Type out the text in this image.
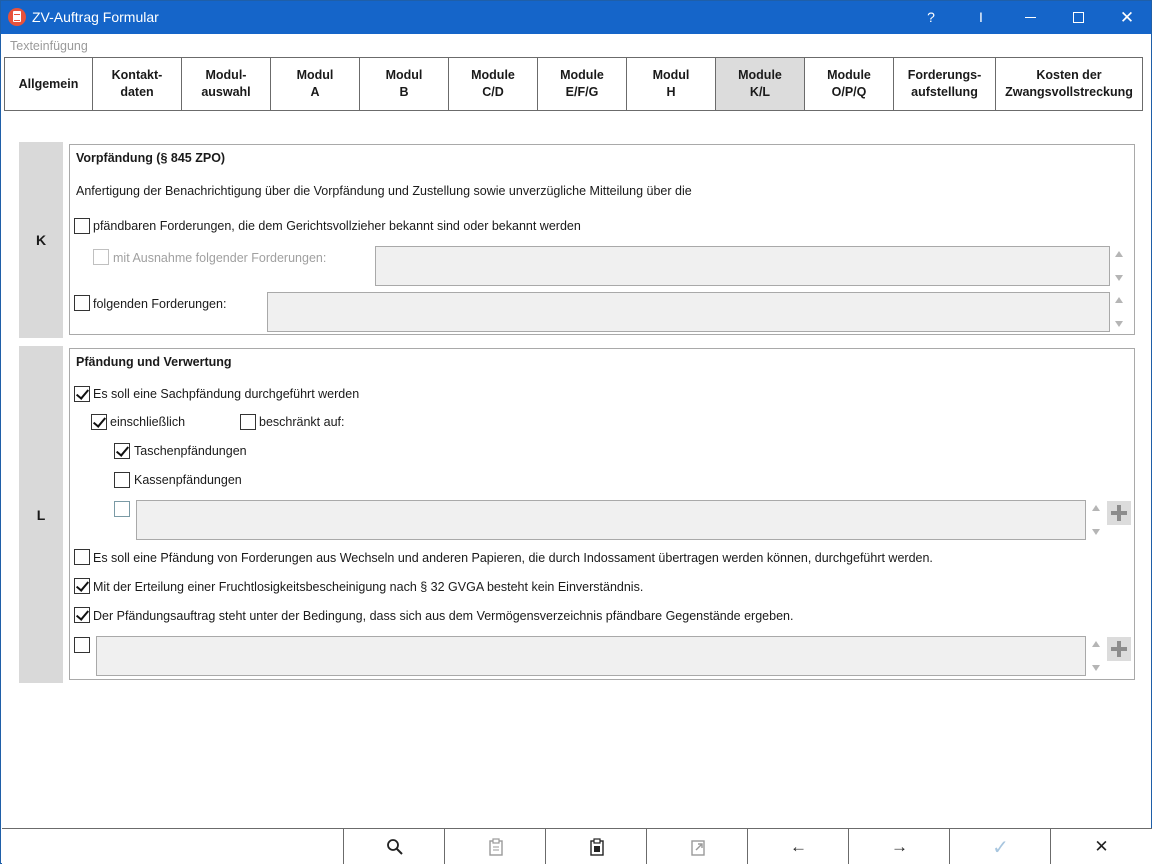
ZV-Auftrag Formular	?	I	✕
Texteinfügung
Allgemein
Kontakt-
daten
Modul-
auswahl
Modul
A
Modul
B
Module
C/D
Module
E/F/G
Modul
H
Module
K/L
Module
O/P/Q
Forderungs-
aufstellung
Kosten der
Zwangsvollstreckung
K
Vorpfändung (§ 845 ZPO)
Anfertigung der Benachrichtigung über die Vorpfändung und Zustellung sowie unverzügliche Mitteilung über die
pfändbaren Forderungen, die dem Gerichtsvollzieher bekannt sind oder bekannt werden
mit Ausnahme folgender Forderungen:
folgenden Forderungen:
L
Pfändung und Verwertung
Es soll eine Sachpfändung durchgeführt werden
einschließlich	beschränkt auf:
Taschenpfändungen
Kassenpfändungen
Es soll eine Pfändung von Forderungen aus Wechseln und anderen Papieren, die durch Indossament übertragen werden können, durchgeführt werden.
Mit der Erteilung einer Fruchtlosigkeitsbescheinigung nach § 32 GVGA besteht kein Einverständnis.
Der Pfändungsauftrag steht unter der Bedingung, dass sich aus dem Vermögensverzeichnis pfändbare Gegenstände ergeben.
←	→	✓	✕
